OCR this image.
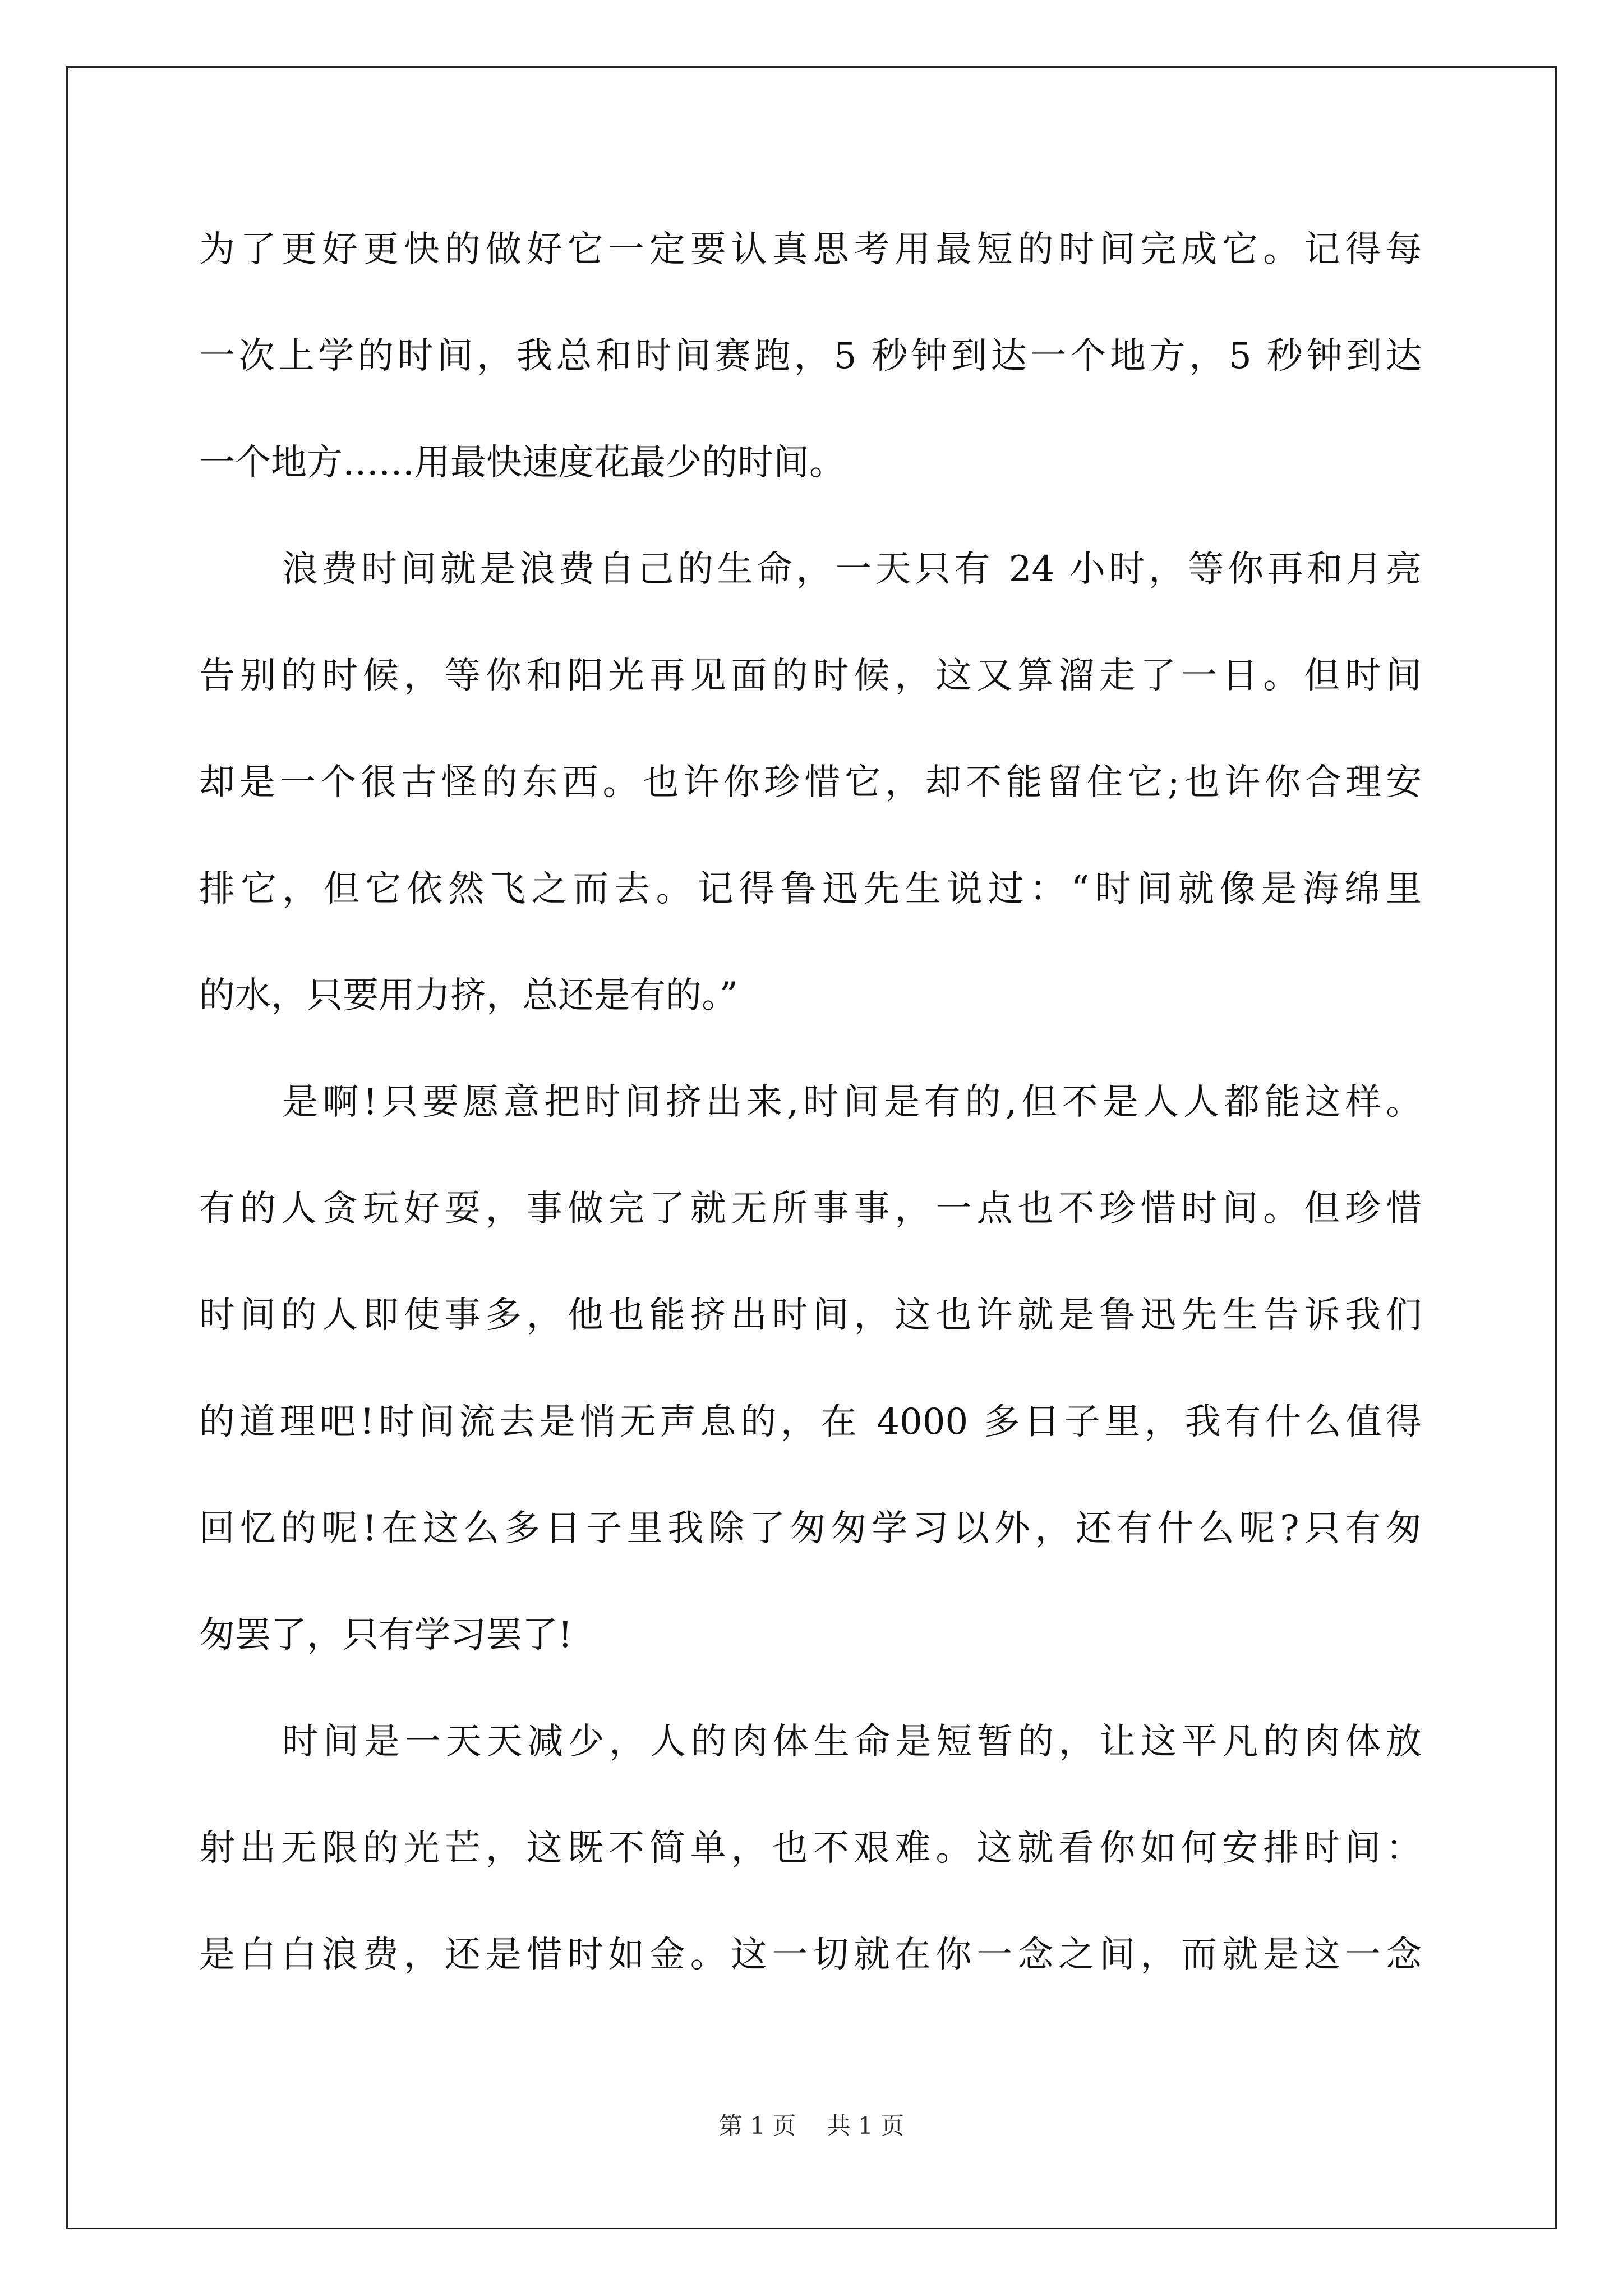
为了更好更快的做好它一定要认真思考用最短的时间完成它。记得每
一次上学的时间，我总和时间赛跑，5 秒钟到达一个地方，5 秒钟到达
一个地方……用最快速度花最少的时间。
浪费时间就是浪费自己的生命，一天只有 24 小时，等你再和月亮
告别的时候，等你和阳光再见面的时候，这又算溜走了一日。但时间
却是一个很古怪的东西。也许你珍惜它，却不能留住它;也许你合理安
排它，但它依然飞之而去。记得鲁迅先生说过：“时间就像是海绵里
的水，只要用力挤，总还是有的。”
是啊!只要愿意把时间挤出来,时间是有的,但不是人人都能这样。
有的人贪玩好耍，事做完了就无所事事，一点也不珍惜时间。但珍惜
时间的人即使事多，他也能挤出时间，这也许就是鲁迅先生告诉我们
的道理吧!时间流去是悄无声息的，在 4000 多日子里，我有什么值得
回忆的呢!在这么多日子里我除了匆匆学习以外，还有什么呢?只有匆
匆罢了，只有学习罢了!
时间是一天天减少，人的肉体生命是短暂的，让这平凡的肉体放
射出无限的光芒，这既不简单，也不艰难。这就看你如何安排时间：
是白白浪费，还是惜时如金。这一切就在你一念之间，而就是这一念
第 1 页　 共 1 页
